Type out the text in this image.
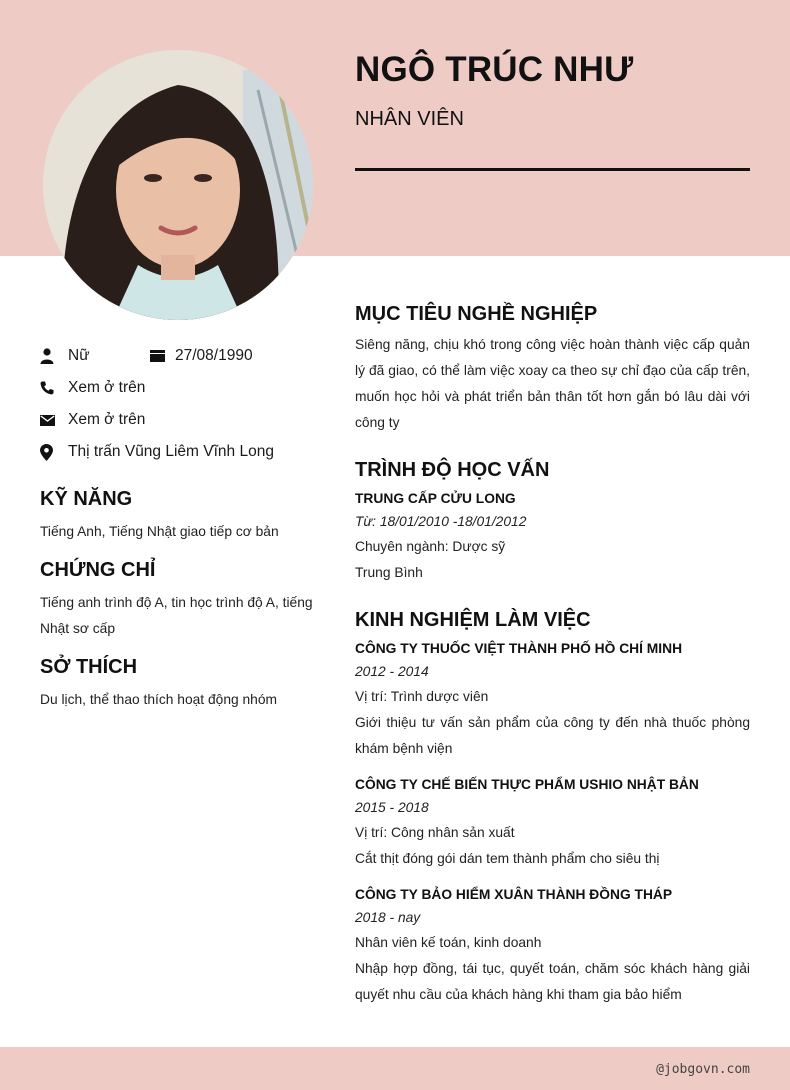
NGÔ TRÚC NHƯ
NHÂN VIÊN
Nữ	27/08/1990
Xem ở trên
Xem ở trên
Thị trấn Vũng Liêm Vĩnh Long
KỸ NĂNG
Tiếng Anh, Tiếng Nhật giao tiếp cơ bản
CHỨNG CHỈ
Tiếng anh trình độ A, tin học trình độ A, tiếng Nhật sơ cấp
SỞ THÍCH
Du lịch, thể thao thích hoạt động nhóm
MỤC TIÊU NGHỀ NGHIỆP
Siêng năng, chịu khó trong công việc hoàn thành việc cấp quản lý đã giao, có thể làm việc xoay ca theo sự chỉ đạo của cấp trên, muốn học hỏi và phát triển bản thân tốt hơn gắn bó lâu dài với công ty
TRÌNH ĐỘ HỌC VẤN
TRUNG CẤP CỬU LONG
Từ: 18/01/2010 -18/01/2012
Chuyên ngành: Dược sỹ
Trung Bình
KINH NGHIỆM LÀM VIỆC
CÔNG TY THUỐC VIỆT THÀNH PHỐ HỒ CHÍ MINH
2012 - 2014
Vị trí: Trình dược viên
Giới thiệu tư vấn sản phẩm của công ty đến nhà thuốc phòng khám bệnh viện
CÔNG TY CHẾ BIẾN THỰC PHẨM USHIO NHẬT BẢN
2015 - 2018
Vị trí: Công nhân sản xuất
Cắt thịt đóng gói dán tem thành phẩm cho siêu thị
CÔNG TY BẢO HIỂM XUÂN THÀNH ĐỒNG THÁP
2018 - nay
Nhân viên kế toán, kinh doanh
Nhập hợp đồng, tái tục, quyết toán, chăm sóc khách hàng giải quyết nhu cầu của khách hàng khi tham gia bảo hiểm
@jobgovn.com
